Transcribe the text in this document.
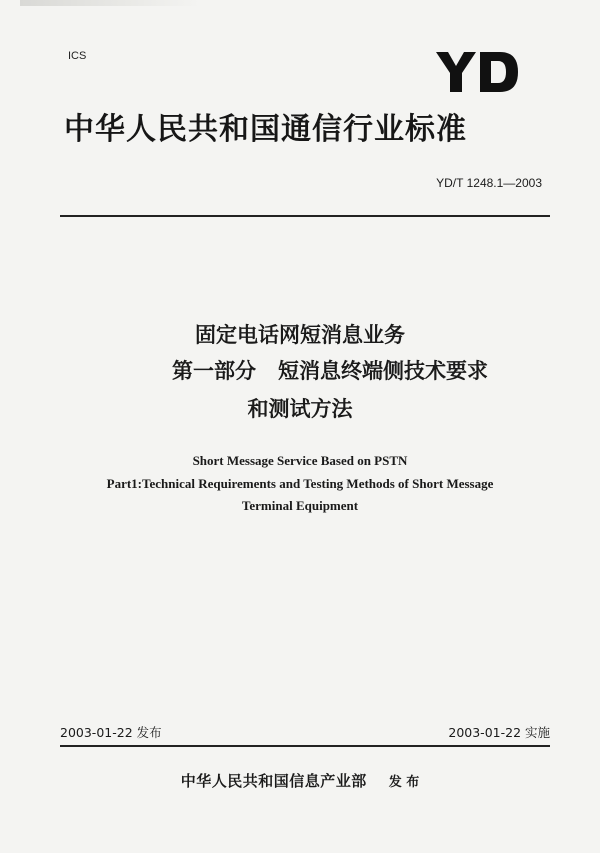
ICS
中华人民共和国通信行业标准
YD/T 1248.1—2003
固定电话网短消息业务
第一部分 短消息终端侧技术要求
和测试方法
Short Message Service Based on PSTN
Part1:Technical Requirements and Testing Methods of Short Message
Terminal Equipment
2003-01-22 发布	2003-01-22 实施
中华人民共和国信息产业部 发 布
